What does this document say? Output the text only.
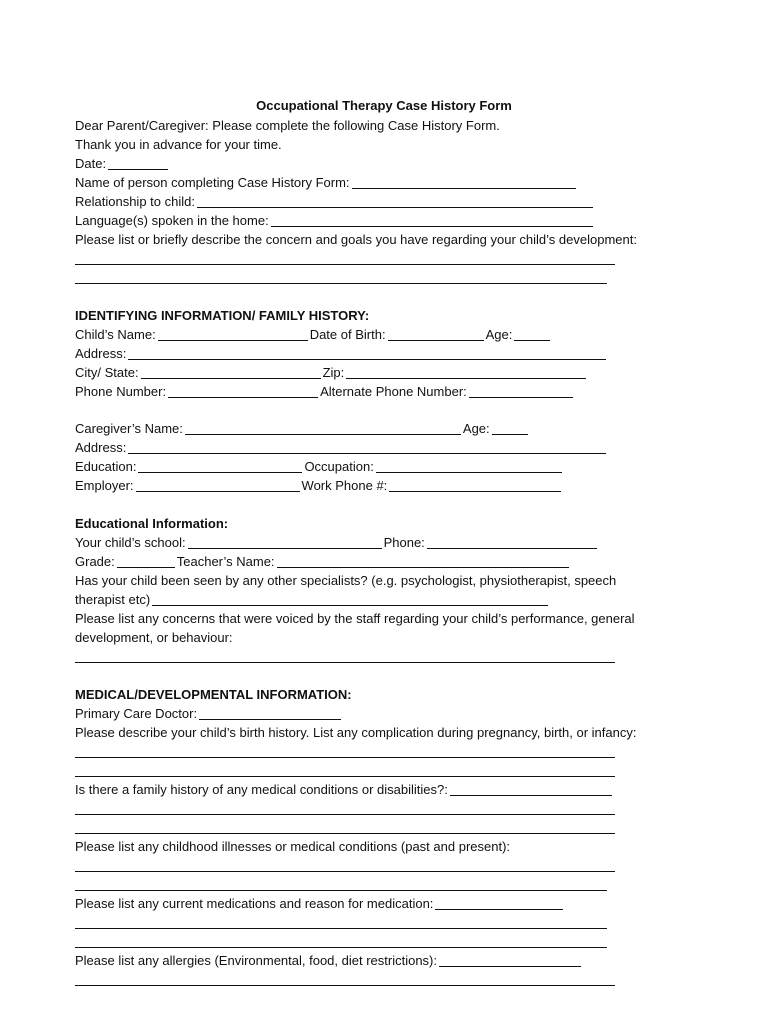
Occupational Therapy Case History Form
Dear Parent/Caregiver: Please complete the following Case History Form.
Thank you in advance for your time.
Date:
Name of person completing Case History Form:
Relationship to child:
Language(s) spoken in the home:
Please list or briefly describe the concern and goals you have regarding your child’s development:
IDENTIFYING INFORMATION/ FAMILY HISTORY:
Child’s Name:	Date of Birth:	Age:
Address:
City/ State:	Zip:
Phone Number:	Alternate Phone Number:
Caregiver’s Name:	Age:
Address:
Education:	Occupation:
Employer:	Work Phone #:
Educational Information:
Your child’s school:	Phone:
Grade:	Teacher’s Name:
Has your child been seen by any other specialists? (e.g. psychologist, physiotherapist, speech
therapist etc)
Please list any concerns that were voiced by the staff regarding your child’s performance, general
development, or behaviour:
MEDICAL/DEVELOPMENTAL INFORMATION:
Primary Care Doctor:
Please describe your child’s birth history. List any complication during pregnancy, birth, or infancy:
Is there a family history of any medical conditions or disabilities?:
Please list any childhood illnesses or medical conditions (past and present):
Please list any current medications and reason for medication:
Please list any allergies (Environmental, food, diet restrictions):
